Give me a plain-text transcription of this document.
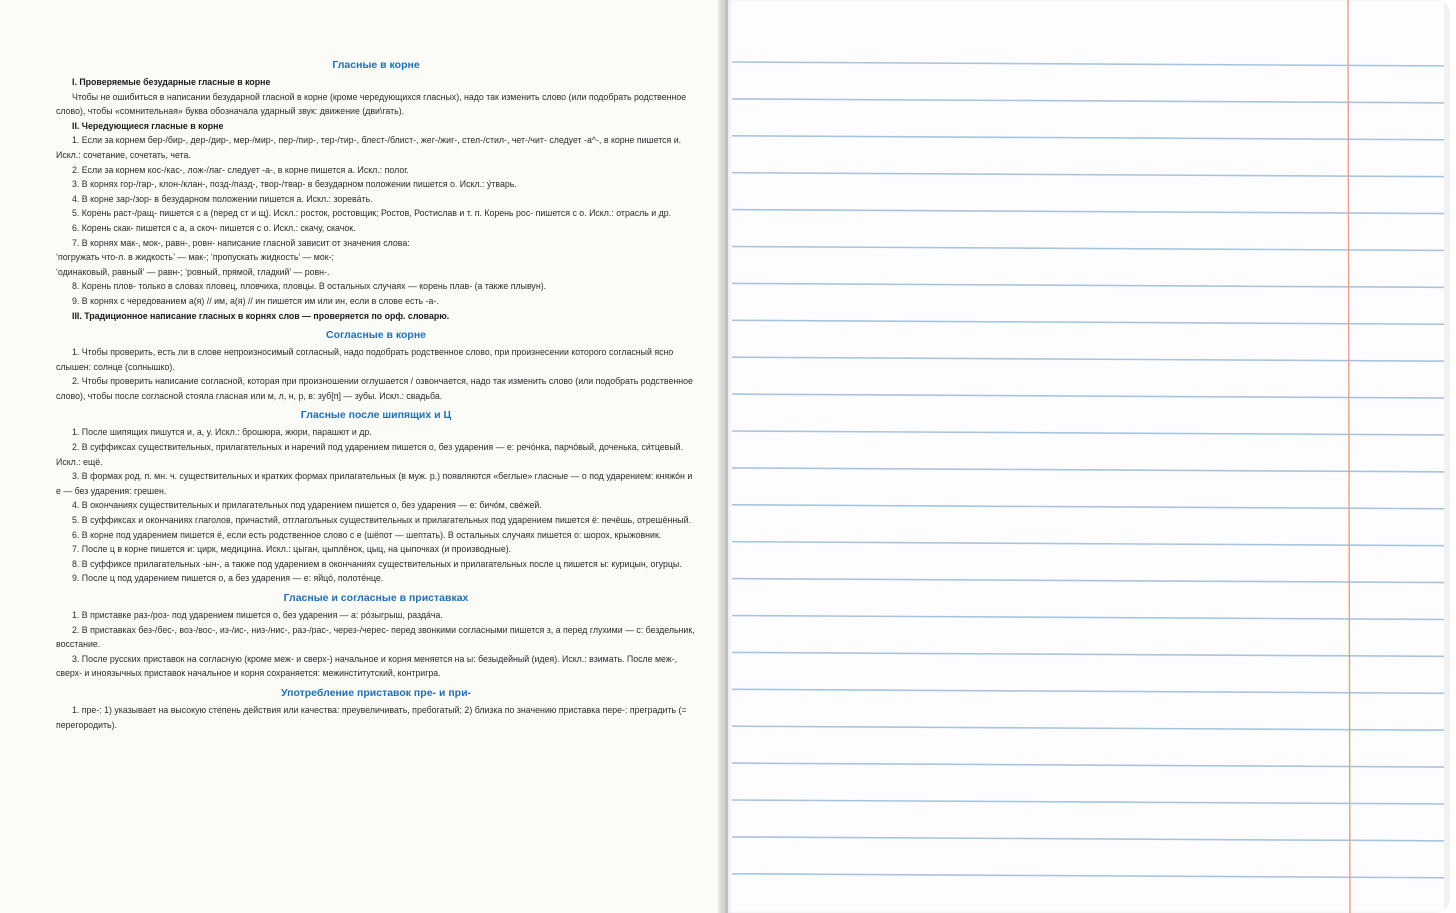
Гласные в корне
I. Проверяемые безударные гласные в корне
Чтобы не ошибиться в написании безударной гласной в корне (кроме чередующихся гласных), надо так изменить слово (или подобрать родственное слово), чтобы «сомнительная» буква обозначала ударный звук: движение (дви\гать).
II. Чередующиеся гласные в корне
1. Если за корнем бер-/бир-, дер-/дир-, мер-/мир-, пер-/пир-, тер-/тир-, блест-/блист-, жег-/жиг-, стел-/стил-, чет-/чит- следует -а^-, в корне пишется и. Искл.: сочетание, сочетать, чета.
2. Если за корнем кос-/кас-, лож-/лаг- следует -а-, в корне пишется а. Искл.: полог.
3. В корнях гор-/гар-, клон-/клан-, позд-/пазд-, твор-/твар- в безударном положении пишется о. Искл.: у́тварь.
4. В корне зар-/зор- в безударном положении пишется а. Искл.: зорева́ть.
5. Корень раст-/ращ- пишется с а (перед ст и щ). Искл.: росток, ростовщик; Ростов, Ростислав и т. п. Корень рос- пишется с о. Искл.: отрасль и др.
6. Корень скак- пишется с а, а скоч- пишется с о. Искл.: скачу, скачок.
7. В корнях мак-, мок-, равн-, ровн- написание гласной зависит от значения слова:
‘погружать что-л. в жидкость’ — мак-; ‘пропускать жидкость’ — мок-;
‘одинаковый, равный’ — равн-; ‘ровный, прямой, гладкий’ — ровн-.
8. Корень плов- только в словах пловец, пловчиха, пловцы. В остальных случаях — корень плав- (а также плывун).
9. В корнях с чередованием а(я) // им, а(я) // ин пишется им или ин, если в слове есть -а-.
III. Традиционное написание гласных в корнях слов — проверяется по орф. словарю.
Согласные в корне
1. Чтобы проверить, есть ли в слове непроизносимый согласный, надо подобрать родственное слово, при произнесении которого согласный ясно слышен: солнце (солнышко).
2. Чтобы проверить написание согласной, которая при произношении оглушается / озвончается, надо так изменить слово (или подобрать родственное слово), чтобы после согласной стояла гласная или м, л, н, р, в: зуб[п] — зубы. Искл.: свадьба.
Гласные после шипящих и Ц
1. После шипящих пишутся и, а, у. Искл.: брошюра, жюри, парашют и др.
2. В суффиксах существительных, прилагательных и наречий под ударением пишется о, без ударения — е: речо́нка, парчо́вый, доченька, си́тцевый. Искл.: ещё.
3. В формах род. п. мн. ч. существительных и кратких формах прилагательных (в муж. р.) появляются «беглые» гласные — о под ударением: княжо́н и е — без ударения: грешен.
4. В окончаниях существительных и прилагательных под ударением пишется о, без ударения — е: бичо́м, све́жей.
5. В суффиксах и окончаниях глаголов, причастий, отглагольных существительных и прилагательных под ударением пишется ё: печёшь, отрешённый.
6. В корне под ударением пишется ё, если есть родственное слово с е (шёпот — шептать). В остальных случаях пишется о: шорох, крыжовник.
7. После ц в корне пишется и: цирк, медицина. Искл.: цыган, цыплёнок, цыц, на цыпочках (и производные).
8. В суффиксе прилагательных -ын-, а также под ударением в окончаниях существительных и прилагательных после ц пишется ы: курицын, огурцы.
9. После ц под ударением пишется о, а без ударения — е: яйцо́, полоте́нце.
Гласные и согласные в приставках
1. В приставке раз-/роз- под ударением пишется о, без ударения — а: ро́зыгрыш, разда́ча.
2. В приставках без-/бес-, воз-/вос-, из-/ис-, низ-/нис-, раз-/рас-, через-/черес- перед звонкими согласными пишется з, а перед глухими — с: бездельник, восстание.
3. После русских приставок на согласную (кроме меж- и сверх-) начальное и корня меняется на ы: безыдейный (идея). Искл.: взимать. После меж-, сверх- и иноязычных приставок начальное и корня сохраняется: межинститутский, контригра.
Употребление приставок пре- и при-
1. пре-: 1) указывает на высокую степень действия или качества: преувеличивать, пребогатый; 2) близка по значению приставка пере-: преградить (= перегородить).
